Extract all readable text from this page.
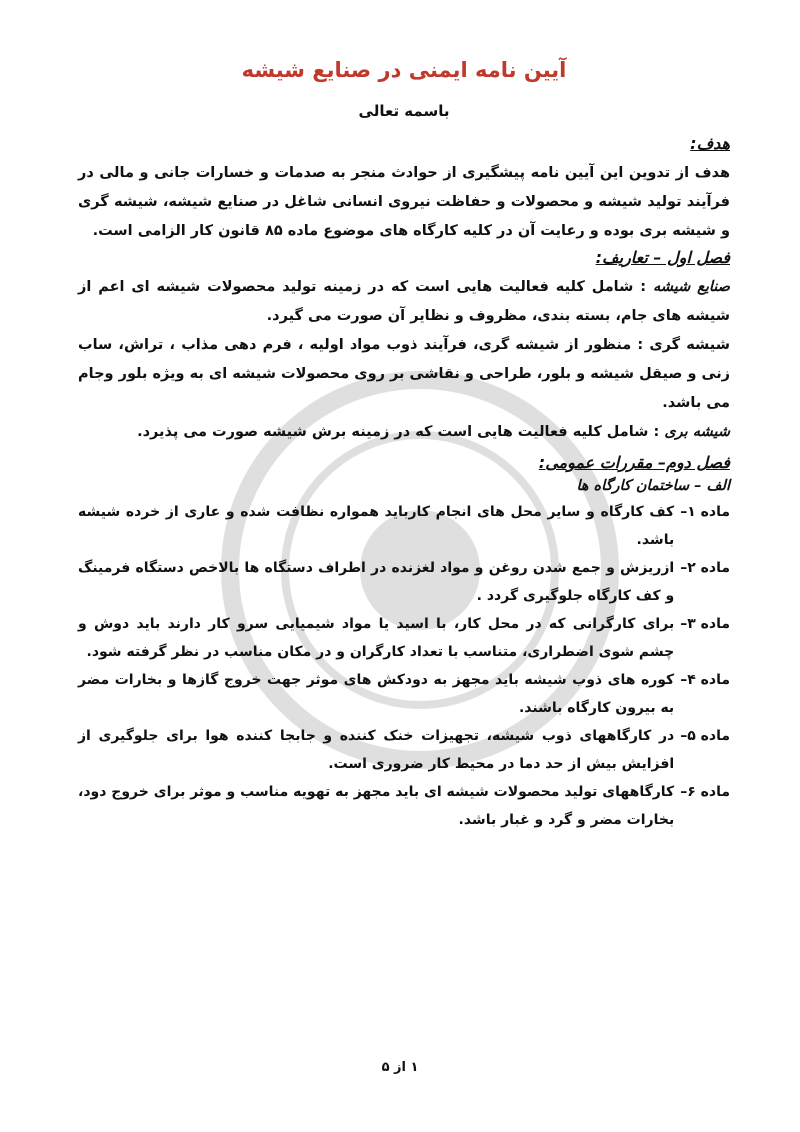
آیین نامه ایمنی در صنایع شیشه
باسمه تعالی
هدف:

هدف از تدوین این آیین نامه پیشگیری از حوادث منجر به صدمات و خسارات جانی و مالی در فرآیند تولید شیشه و محصولات و حفاظت نیروی انسانی شاغل در صنایع شیشه، شیشه گری و شیشه بری بوده و رعایت آن در کلیه کارگاه های موضوع ماده ۸۵ قانون کار الزامی است.

فصل اول – تعاریف:

صنایع شیشه : شامل کلیه فعالیت هایی است که در زمینه تولید محصولات شیشه ای اعم از شیشه های جام، بسته بندی، مظروف و نظایر آن صورت می گیرد.

شیشه گری : منظور از شیشه گری، فرآیند ذوب مواد اولیه ، فرم دهی مذاب ، تراش، ساب زنی و صیقل شیشه و بلور، طراحی و نقاشی بر روی محصولات شیشه ای به ویژه بلور وجام می باشد.

شیشه بری : شامل کلیه فعالیت هایی است که در زمینه برش شیشه صورت می پذیرد.

فصل دوم– مقررات عمومی:
الف – ساختمان کارگاه ها
ماده ۱–
کف کارگاه و سایر محل های انجام کارباید همواره نظافت شده و عاری از خرده شیشه باشد.
ماده ۲–
ازریزش و جمع شدن روغن و مواد لغزنده در اطراف دستگاه ها بالاخص دستگاه فرمینگ و کف کارگاه جلوگیری گردد .
ماده ۳–
برای کارگرانی که در محل کار، با اسید یا مواد شیمیایی سرو کار دارند باید دوش و چشم شوی اضطراری، متناسب با تعداد کارگران و در مکان مناسب در نظر گرفته شود.
ماده ۴–
کوره های ذوب شیشه باید مجهز به دودکش های موثر جهت خروج گازها و بخارات مضر به بیرون کارگاه باشند.
ماده ۵–
در کارگاههای ذوب شیشه، تجهیزات خنک کننده و جابجا کننده هوا برای جلوگیری از افزایش بیش از حد دما در محیط کار ضروری است.
ماده ۶–
کارگاههای تولید محصولات شیشه ای باید مجهز به تهویه مناسب و موثر برای خروج دود، بخارات مضر و گرد و غبار باشد.
۱ از ۵
